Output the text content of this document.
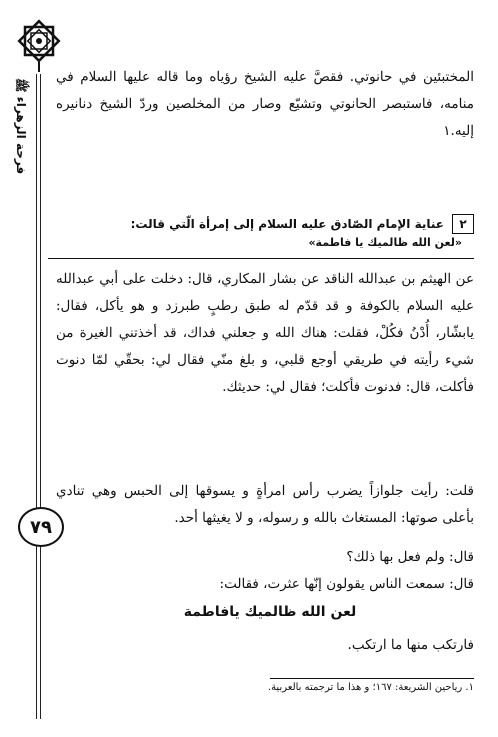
فرحة الزهراء ﷺ
٧٩
المختبئين في حانوتي. فقصَّ عليه الشيخ رؤياه وما قاله عليها السلام في منامه، فاستبصر الحانوتي وتشيّع وصار من المخلصين وردّ الشيخ دنانيره إليه.١
٢
عناية الإمام الصّادق عليه السلام إلى إمرأة الّتي قالت:
«لعن الله ظالميك يا فاطمة»
عن الهيثم بن عبدالله الناقد عن بشار المكاري، قال: دخلت على أبي عبدالله عليه السلام بالكوفة و قد قدّم له طبق رطبٍ طبرزد و هو يأكل، فقال: يابشّار، أُدْنُ فكُلْ، فقلت: هناك الله و جعلني فداك، قد أخذتني الغيرة من شيء رأيته في طريقي أوجع قلبي، و بلغ منّي فقال لي: بحقّي لمّا دنوت فأكلت، قال: فدنوت فأكلت؛ فقال لي: حديثك.
قلت: رأيت جلوازاً يضرب رأس امرأةٍ و يسوقها إلى الحبس وهي تنادي بأعلى صوتها: المستغاث بالله و رسوله، و لا يغيثها أحد.
قال: ولم فعل بها ذلك؟
قال: سمعت الناس يقولون إنّها عثرت، فقالت:
لعن الله ظالميك يافاطمة
فارتكب منها ما ارتكب.
١. رياحين الشريعة: ١٦٧؛ و هذا ما ترجمته بالعربية.
